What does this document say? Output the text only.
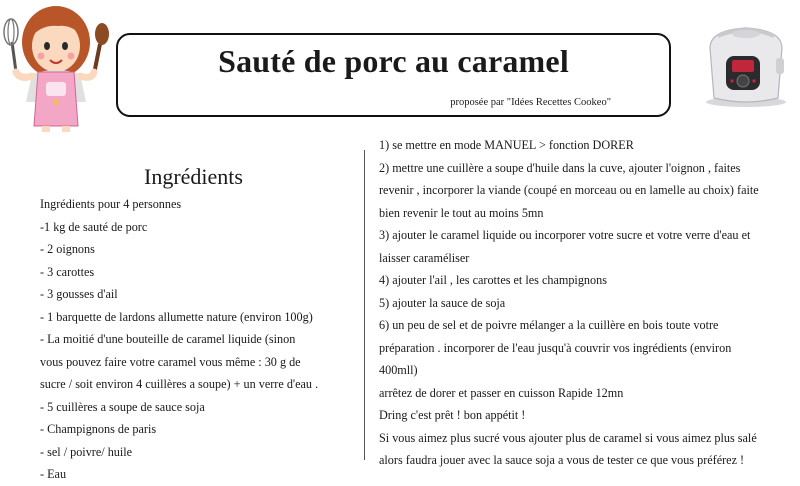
Sauté de porc au caramel
proposée par "Idées Recettes Cookeo"
Ingrédients
Ingrédients pour 4 personnes
-1 kg de sauté de porc
- 2 oignons
- 3 carottes
- 3 gousses d'ail
- 1 barquette de lardons allumette nature (environ 100g)
- La moitié d'une bouteille de caramel liquide (sinon
vous pouvez faire votre caramel vous même : 30 g de
sucre / soit environ 4 cuillères a soupe) + un verre d'eau .
- 5 cuillères a soupe de sauce soja
- Champignons de paris
- sel / poivre/ huile
- Eau
1) se mettre en mode MANUEL > fonction DORER
2) mettre une cuillère a soupe d'huile dans la cuve, ajouter l'oignon , faites
revenir , incorporer la viande (coupé en morceau ou en lamelle au choix) faite
bien revenir le tout au moins 5mn
3) ajouter le caramel liquide ou incorporer votre sucre et votre verre d'eau et
laisser caraméliser
4) ajouter l'ail , les carottes et les champignons
5) ajouter la sauce de soja
6) un peu de sel et de poivre mélanger a la cuillère en bois toute votre
préparation . incorporer de l'eau jusqu'à couvrir vos ingrédients (environ
400mll)
arrêtez de dorer et passer en cuisson Rapide 12mn
Dring c'est prêt ! bon appétit !
Si vous aimez plus sucré vous ajouter plus de caramel si vous aimez plus salé
alors faudra jouer avec la sauce soja a vous de tester ce que vous préférez !
